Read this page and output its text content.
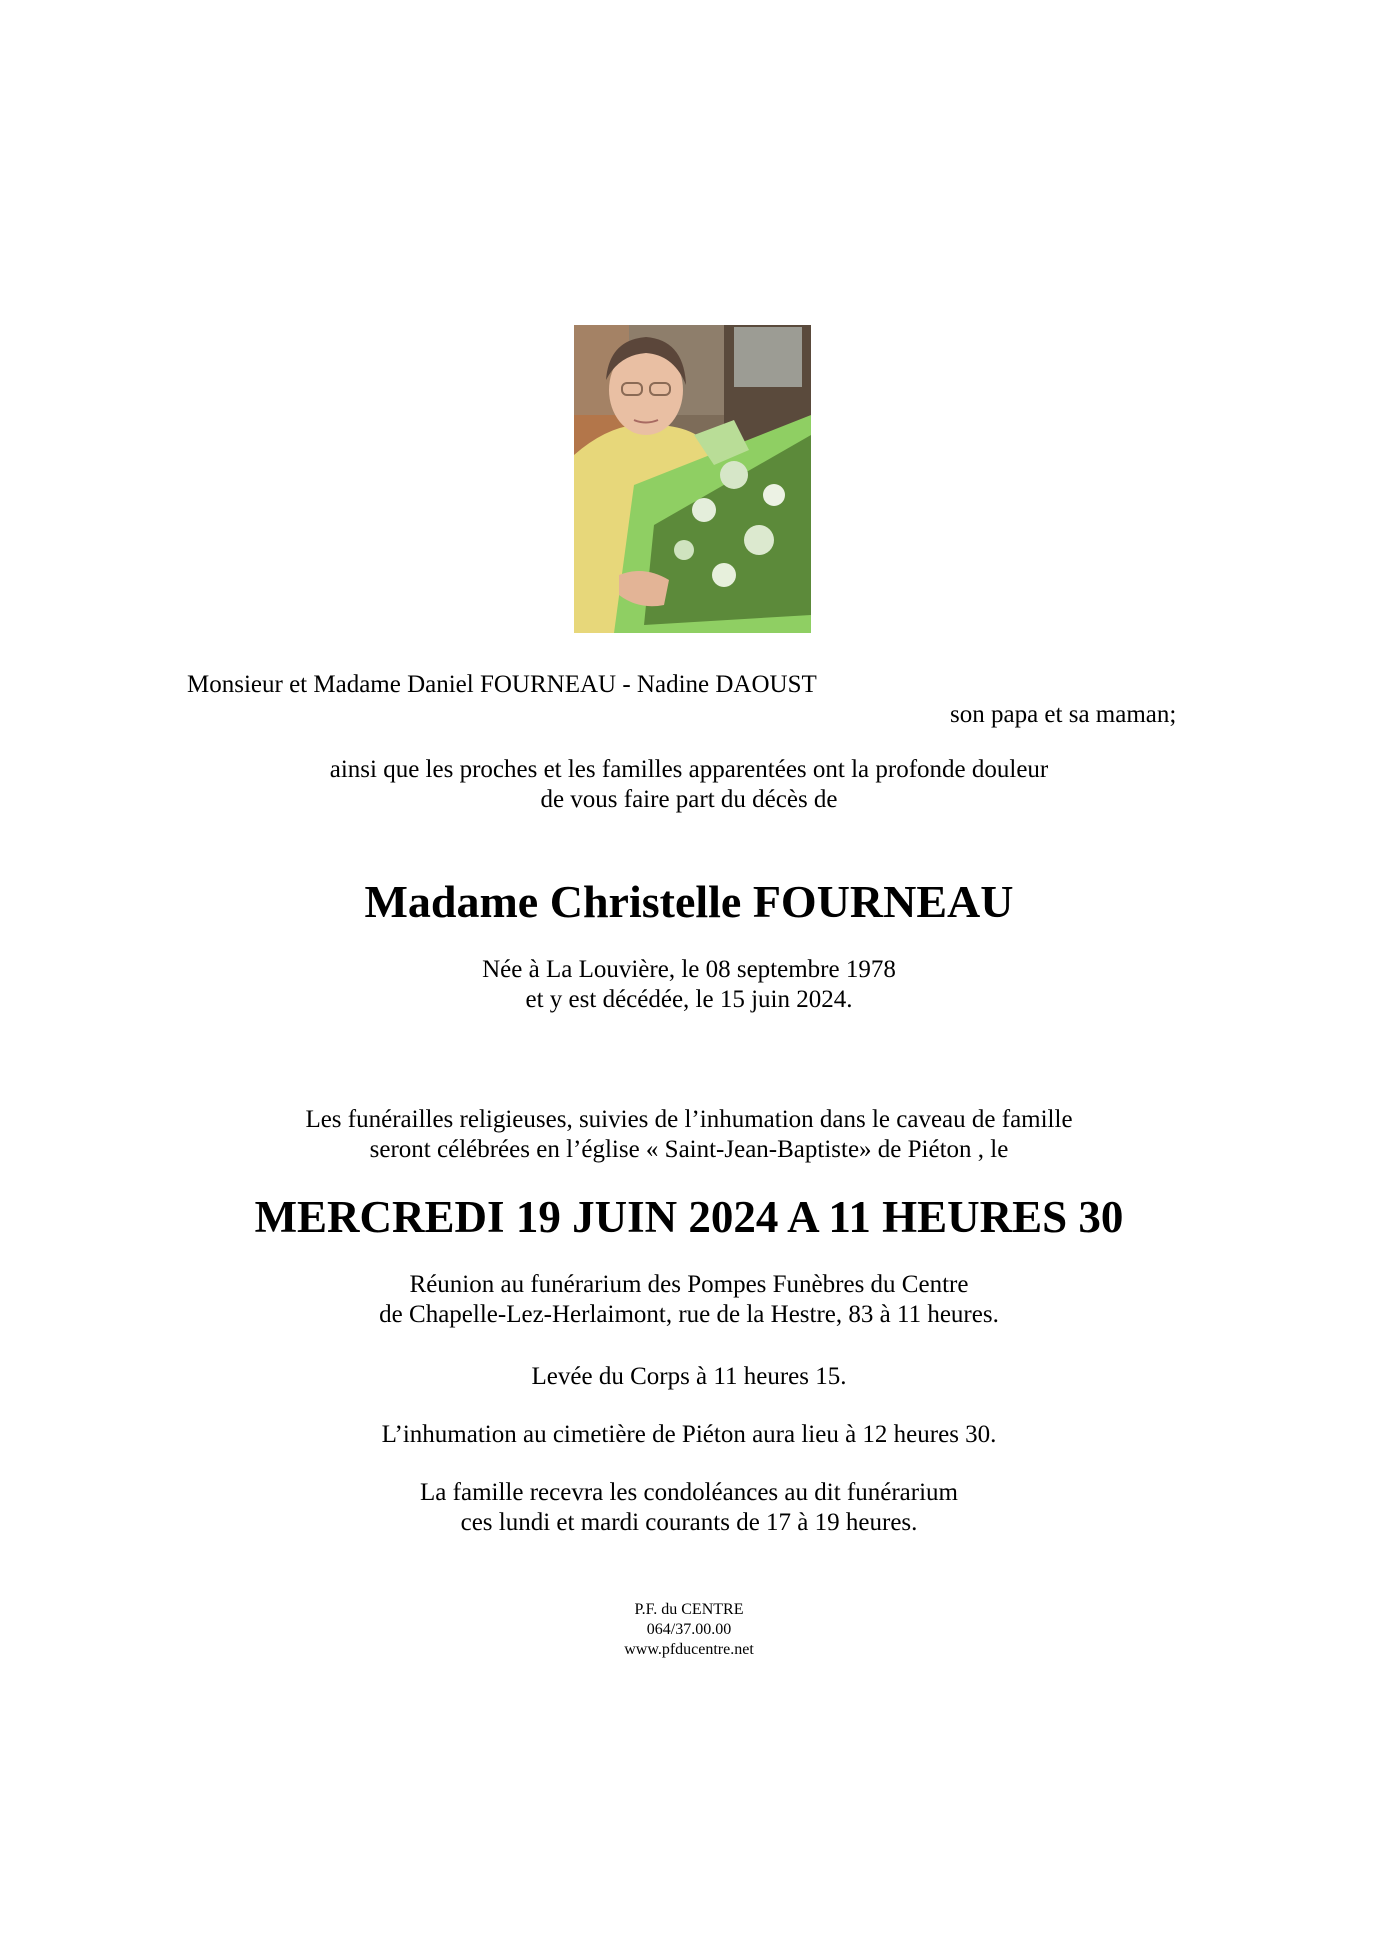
Monsieur et Madame Daniel FOURNEAU - Nadine DAOUST
son papa et sa maman;
ainsi que les proches et les familles apparentées ont la profonde douleur
de vous faire part du décès de
Madame Christelle FOURNEAU
Née à La Louvière, le 08 septembre 1978
et y est décédée, le 15 juin 2024.
Les funérailles religieuses, suivies de l’inhumation dans le caveau de famille
seront célébrées en l’église « Saint-Jean-Baptiste» de Piéton , le
MERCREDI 19 JUIN 2024 A 11 HEURES 30
Réunion au funérarium des Pompes Funèbres du Centre
de Chapelle-Lez-Herlaimont, rue de la Hestre, 83 à 11 heures.
Levée du Corps à 11 heures 15.
L’inhumation au cimetière de Piéton aura lieu à 12 heures 30.
La famille recevra les condoléances au dit funérarium
ces lundi et mardi courants de 17 à 19 heures.
P.F. du CENTRE
064/37.00.00
www.pfducentre.net
